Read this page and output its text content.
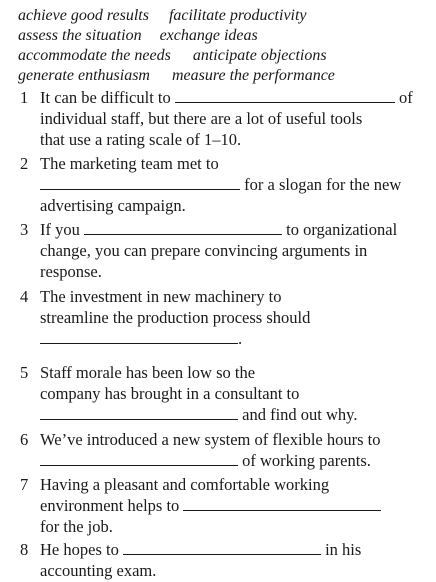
achieve good results facilitate productivity
assess the situation exchange ideas
accommodate the needs anticipate objections
generate enthusiasm measure the performance
1 It can be difficult to	of
individual staff, but there are a lot of useful tools
that use a rating scale of 1–10.
2 The marketing team met to
for a slogan for the new
advertising campaign.
3 If you	to organizational
change, you can prepare convincing arguments in
response.
4 The investment in new machinery to
streamline the production process should
.
5 Staff morale has been low so the
company has brought in a consultant to
and find out why.
6 We’ve introduced a new system of flexible hours to
of working parents.
7 Having a pleasant and comfortable working
environment helps to
for the job.
8 He hopes to	in his
accounting exam.
